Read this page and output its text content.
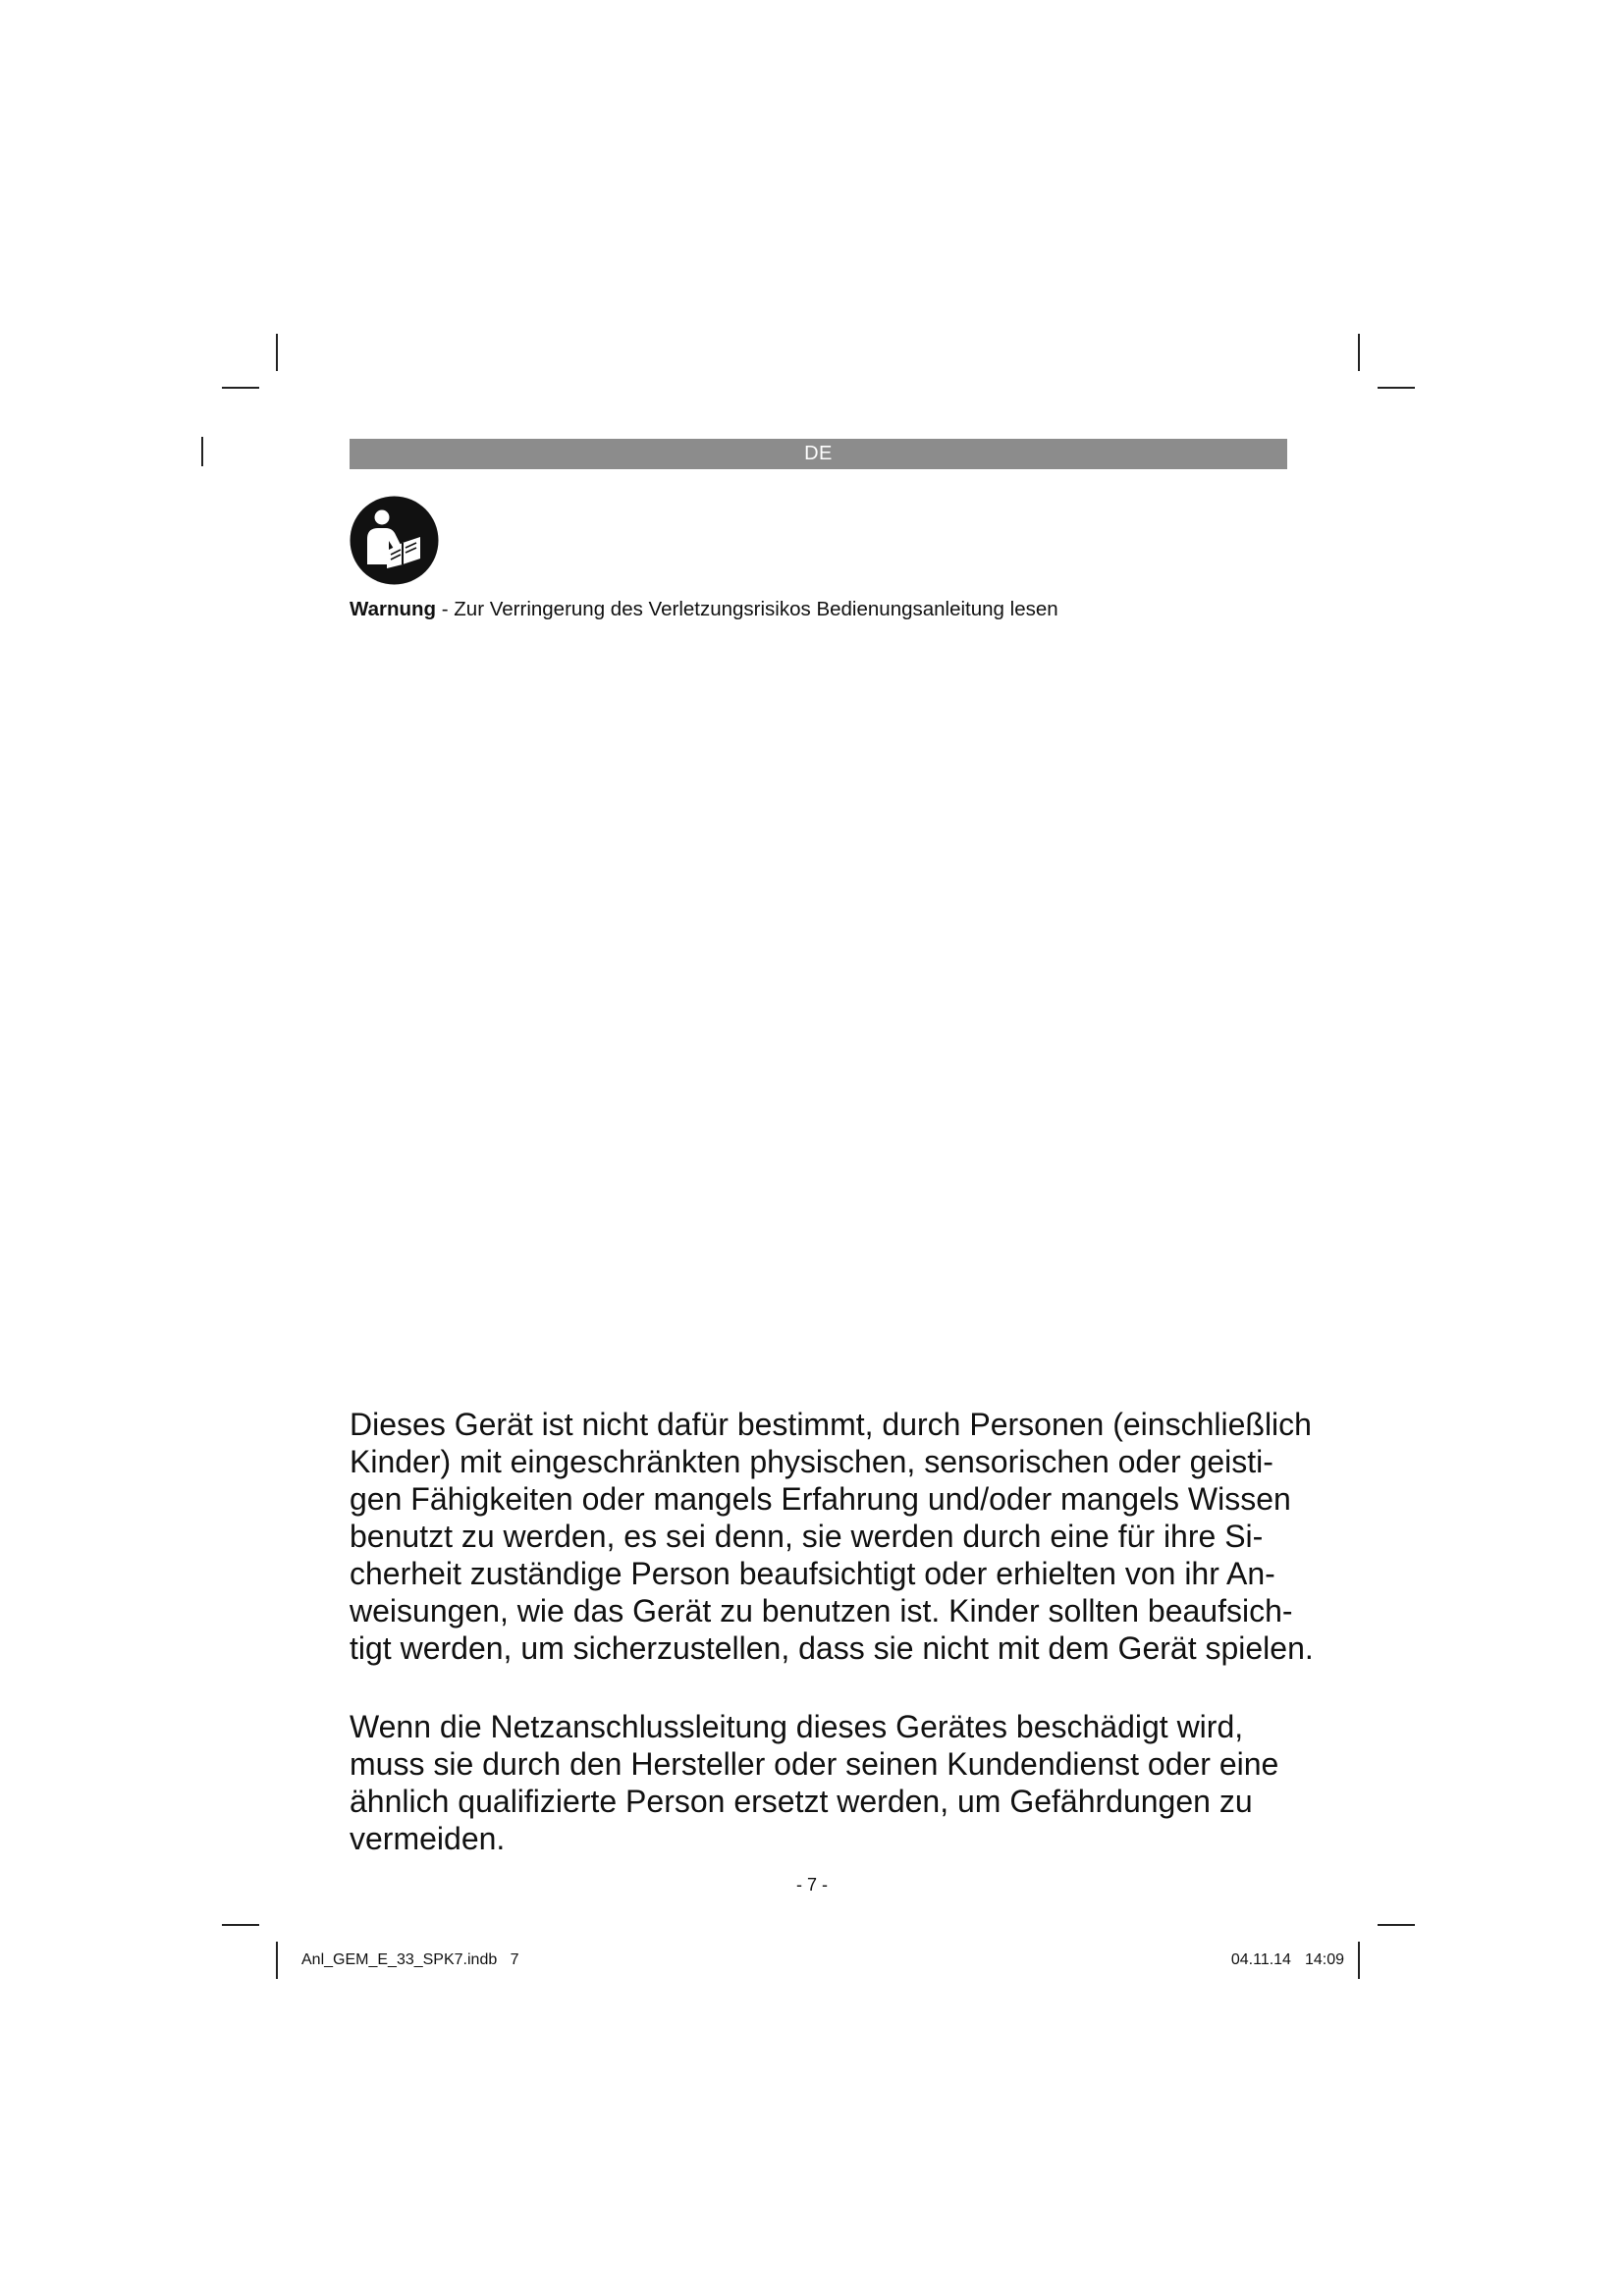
DE
Warnung - Zur Verringerung des Verletzungsrisikos Bedienungsanleitung lesen

Dieses Gerät ist nicht dafür bestimmt, durch Personen (einschließlich
Kinder) mit eingeschränkten physischen, sensorischen oder geisti-
gen Fähigkeiten oder mangels Erfahrung und/oder mangels Wissen
benutzt zu werden, es sei denn, sie werden durch eine für ihre Si-
cherheit zuständige Person beaufsichtigt oder erhielten von ihr An-
weisungen, wie das Gerät zu benutzen ist. Kinder sollten beaufsich-
tigt werden, um sicherzustellen, dass sie nicht mit dem Gerät spielen.

Wenn die Netzanschlussleitung dieses Gerätes beschädigt wird,
muss sie durch den Hersteller oder seinen Kundendienst oder eine
ähnlich qualifizierte Person ersetzt werden, um Gefährdungen zu
vermeiden.

- 7 -
Anl_GEM_E_33_SPK7.indb   7	04.11.14 14:09
